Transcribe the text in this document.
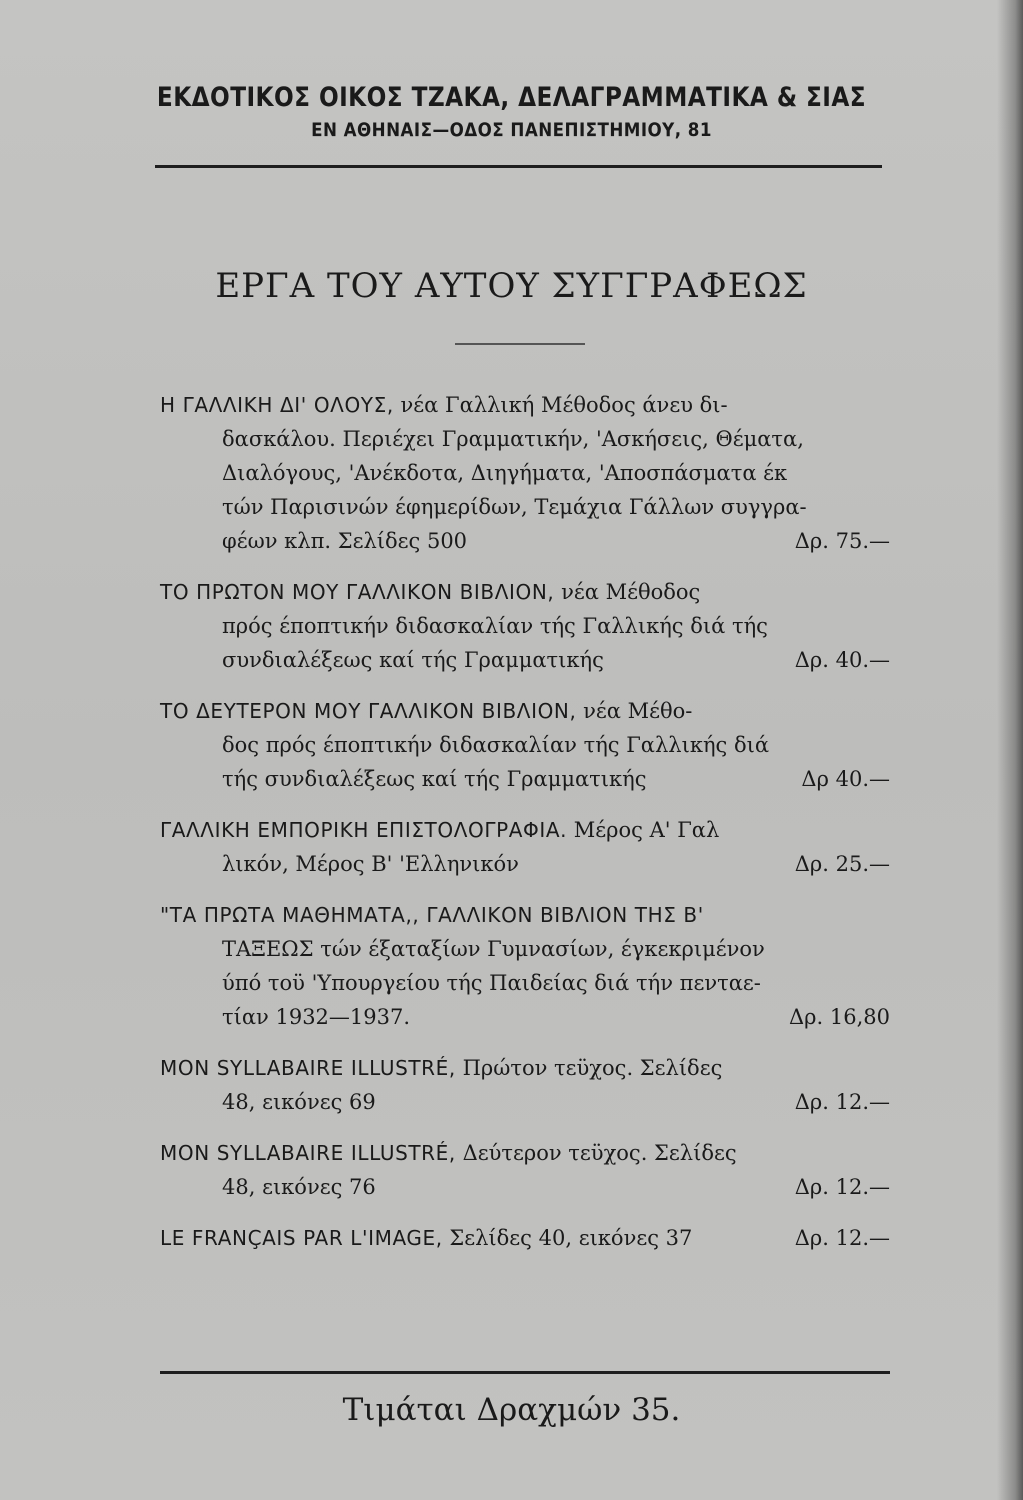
ΕΚΔΟΤΙΚΟΣ ΟΙΚΟΣ ΤΖΑΚΑ, ΔΕΛΑΓΡΑΜΜΑΤΙΚΑ & ΣΙΑΣ
ΕΝ ΑΘΗΝΑΙΣ—ΟΔΟΣ ΠΑΝΕΠΙΣΤΗΜΙΟΥ, 81
ΕΡΓΑ ΤΟΥ ΑΥΤΟΥ ΣΥΓΓΡΑΦΕΩΣ
Η ΓΑΛΛΙΚΗ ΔΙ' ΟΛΟΥΣ, νέα Γαλλική Μέθοδος άνευ δι-
δασκάλου. Περιέχει Γραμματικήν, 'Ασκήσεις, Θέματα,
Διαλόγους, 'Ανέκδοτα, Διηγήματα, 'Αποσπάσματα έκ
τών Παρισινών έφημερίδων, Τεμάχια Γάλλων συγγρα-
φέων κλπ. Σελίδες 500	Δρ. 75.—
ΤΟ ΠΡΩΤΟΝ ΜΟΥ ΓΑΛΛΙΚΟΝ ΒΙΒΛΙΟΝ, νέα Μέθοδος
πρός έποπτικήν διδασκαλίαν τής Γαλλικής διά τής
συνδιαλέξεως καί τής Γραμματικής	Δρ. 40.—
ΤΟ ΔΕΥΤΕΡΟΝ ΜΟΥ ΓΑΛΛΙΚΟΝ ΒΙΒΛΙΟΝ, νέα Μέθο-
δος πρός έποπτικήν διδασκαλίαν τής Γαλλικής διά
τής συνδιαλέξεως καί τής Γραμματικής	Δρ 40.—
ΓΑΛΛΙΚΗ ΕΜΠΟΡΙΚΗ ΕΠΙΣΤΟΛΟΓΡΑΦΙΑ. Μέρος Α' Γαλ
λικόν, Μέρος Β' 'Ελληνικόν	Δρ. 25.—
"ΤΑ ΠΡΩΤΑ ΜΑΘΗΜΑΤΑ,, ΓΑΛΛΙΚΟΝ ΒΙΒΛΙΟΝ ΤΗΣ Β'
ΤΑΞΕΩΣ τών έξαταξίων Γυμνασίων, έγκεκριμένον
ύπό τοϋ 'Υπουργείου τής Παιδείας διά τήν πενταε-
τίαν 1932—1937.	Δρ. 16,80
MON SYLLABAIRE ILLUSTRÉ, Πρώτον τεϋχος. Σελίδες
48, εικόνες 69	Δρ. 12.—
MON SYLLABAIRE ILLUSTRÉ, Δεύτερον τεϋχος. Σελίδες
48, εικόνες 76	Δρ. 12.—
LE FRANÇAIS PAR L'IMAGE, Σελίδες 40, εικόνες 37	Δρ. 12.—
Τιμάται Δραχμών 35.
